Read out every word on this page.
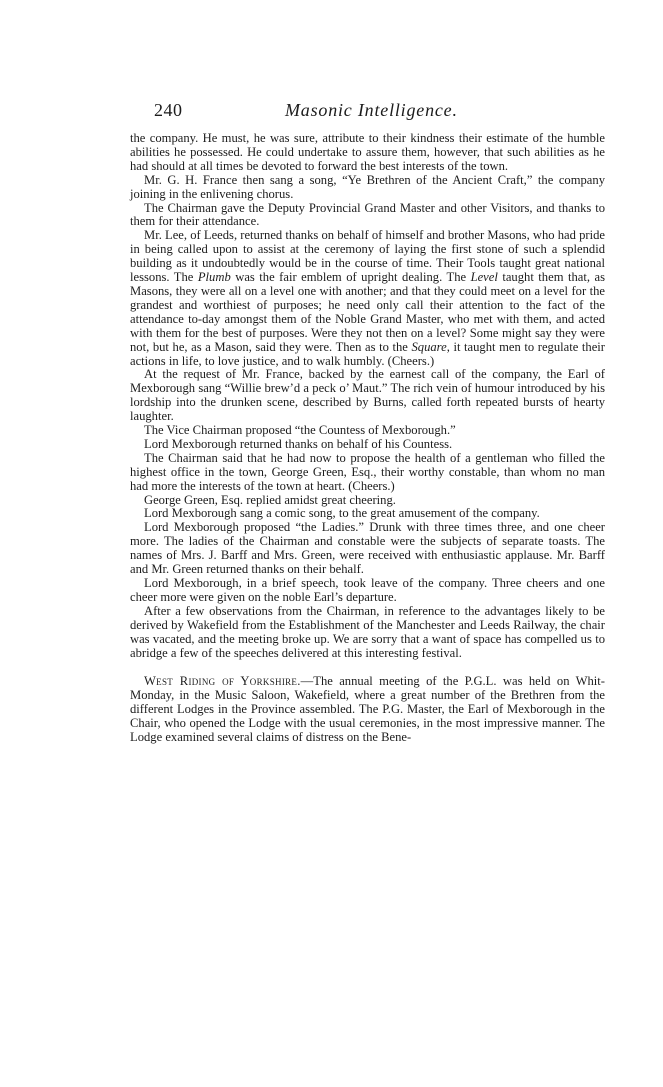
240	Masonic Intelligence.

the company. He must, he was sure, attribute to their kindness their estimate of the humble abilities he possessed. He could undertake to assure them, however, that such abilities as he had should at all times be devoted to forward the best interests of the town.

Mr. G. H. France then sang a song, “Ye Brethren of the Ancient Craft,” the company joining in the enlivening chorus.

The Chairman gave the Deputy Provincial Grand Master and other Visitors, and thanks to them for their attendance.

Mr. Lee, of Leeds, returned thanks on behalf of himself and brother Masons, who had pride in being called upon to assist at the ceremony of laying the first stone of such a splendid building as it undoubtedly would be in the course of time. Their Tools taught great national lessons. The Plumb was the fair emblem of upright dealing. The Level taught them that, as Masons, they were all on a level one with another; and that they could meet on a level for the grandest and worthiest of purposes; he need only call their attention to the fact of the attendance to-day amongst them of the Noble Grand Master, who met with them, and acted with them for the best of purposes. Were they not then on a level? Some might say they were not, but he, as a Mason, said they were. Then as to the Square, it taught men to regulate their actions in life, to love justice, and to walk humbly. (Cheers.)

At the request of Mr. France, backed by the earnest call of the company, the Earl of Mexborough sang “Willie brew’d a peck o’ Maut.” The rich vein of humour introduced by his lordship into the drunken scene, described by Burns, called forth repeated bursts of hearty laughter.

The Vice Chairman proposed “the Countess of Mexborough.”

Lord Mexborough returned thanks on behalf of his Countess.

The Chairman said that he had now to propose the health of a gentleman who filled the highest office in the town, George Green, Esq., their worthy constable, than whom no man had more the interests of the town at heart. (Cheers.)

George Green, Esq. replied amidst great cheering.

Lord Mexborough sang a comic song, to the great amusement of the company.

Lord Mexborough proposed “the Ladies.” Drunk with three times three, and one cheer more. The ladies of the Chairman and constable were the subjects of separate toasts. The names of Mrs. J. Barff and Mrs. Green, were received with enthusiastic applause. Mr. Barff and Mr. Green returned thanks on their behalf.

Lord Mexborough, in a brief speech, took leave of the company. Three cheers and one cheer more were given on the noble Earl’s departure.

After a few observations from the Chairman, in reference to the advantages likely to be derived by Wakefield from the Establishment of the Manchester and Leeds Railway, the chair was vacated, and the meeting broke up. We are sorry that a want of space has compelled us to abridge a few of the speeches delivered at this interesting festival.

West Riding of Yorkshire.—The annual meeting of the P.G.L. was held on Whit-Monday, in the Music Saloon, Wakefield, where a great number of the Brethren from the different Lodges in the Province assembled. The P.G. Master, the Earl of Mexborough in the Chair, who opened the Lodge with the usual ceremonies, in the most impressive manner. The Lodge examined several claims of distress on the Bene-
